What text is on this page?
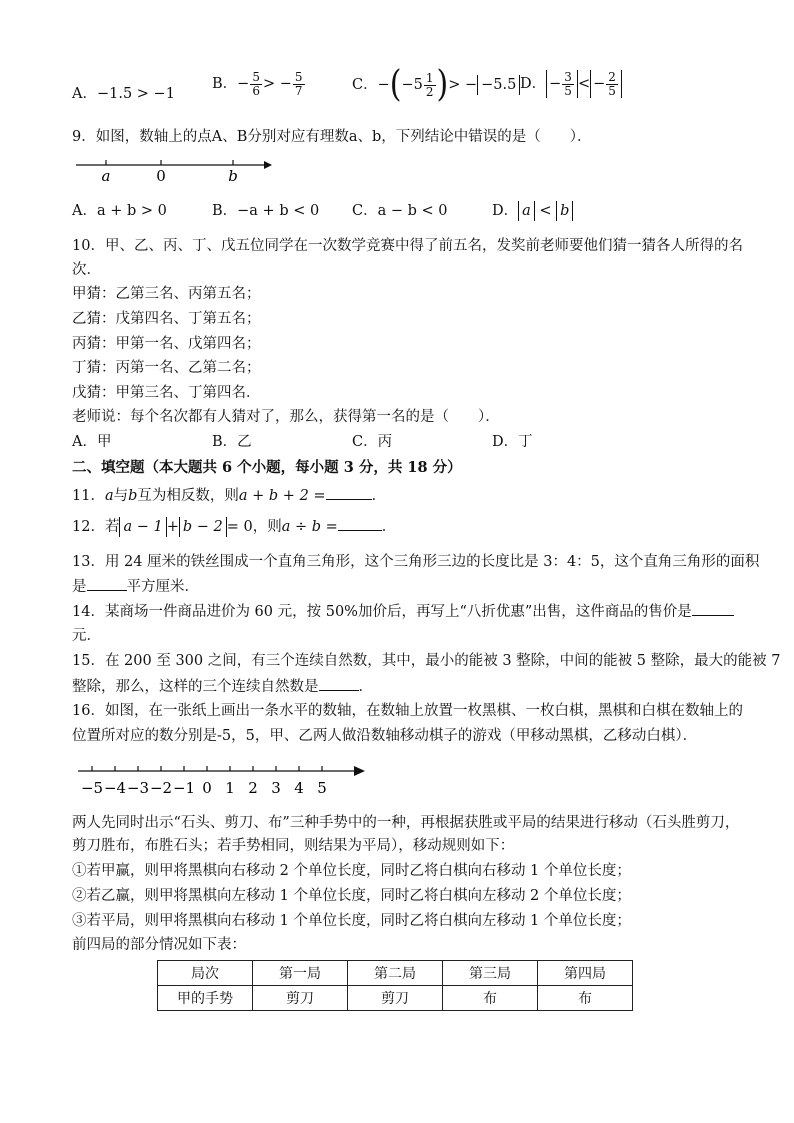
A．−1.5 > −1
B．− $\frac{5}{6}$ > − $\frac{5}{7}$	C．$-(-5 \frac{1}{2}$ )> − −5.5 D． − $\frac{3}{5}$ < − $\frac{2}{5}$
9．如图，数轴上的点A、B分别对应有理数a、b，下列结论中错误的是（　　）．
a	0	b
A．a + b > 0	B．−a + b < 0 C．a − b < 0	D． a < b
10．甲、乙、丙、丁、戊五位同学在一次数学竞赛中得了前五名，发奖前老师要他们猜一猜各人所得的名
次．
甲猜：乙第三名、丙第五名；
乙猜：戊第四名、丁第五名；
丙猜：甲第一名、戊第四名；
丁猜：丙第一名、乙第二名；
戊猜：甲第三名、丁第四名．
老师说：每个名次都有人猜对了，那么，获得第一名的是（　　）．
A．甲	B．乙	C．丙	D．丁
二、填空题（本大题共 6 个小题，每小题 3 分，共 18 分）
11．a与b互为相反数，则a + b + 2 =	．
12．若 a − 1 + b − 2 = 0，则a ÷ b =	．
13．用 24 厘米的铁丝围成一个直角三角形，这个三角形三边的长度比是 3：4：5，这个直角三角形的面积
是	平方厘米．
14．某商场一件商品进价为 60 元，按 50%加价后，再写上“八折优惠”出售，这件商品的售价是
元．
15．在 200 至 300 之间，有三个连续自然数，其中，最小的能被 3 整除，中间的能被 5 整除，最大的能被 7
整除，那么，这样的三个连续自然数是	．
16．如图，在一张纸上画出一条水平的数轴，在数轴上放置一枚黑棋、一枚白棋，黑棋和白棋在数轴上的
位置所对应的数分别是-5，5，甲、乙两人做沿数轴移动棋子的游戏（甲移动黑棋，乙移动白棋）．
−5 −4 −3 −2 −1 0 1 2 3 4 5
两人先同时出示“石头、剪刀、布”三种手势中的一种，再根据获胜或平局的结果进行移动（石头胜剪刀，
剪刀胜布，布胜石头；若手势相同，则结果为平局），移动规则如下：
①若甲赢，则甲将黑棋向右移动 2 个单位长度，同时乙将白棋向右移动 1 个单位长度；
②若乙赢，则甲将黑棋向左移动 1 个单位长度，同时乙将白棋向左移动 2 个单位长度；
③若平局，则甲将黑棋向右移动 1 个单位长度，同时乙将白棋向左移动 1 个单位长度；
前四局的部分情况如下表：
局次	第一局	第二局	第三局	第四局
甲的手势	剪刀	剪刀	布	布
